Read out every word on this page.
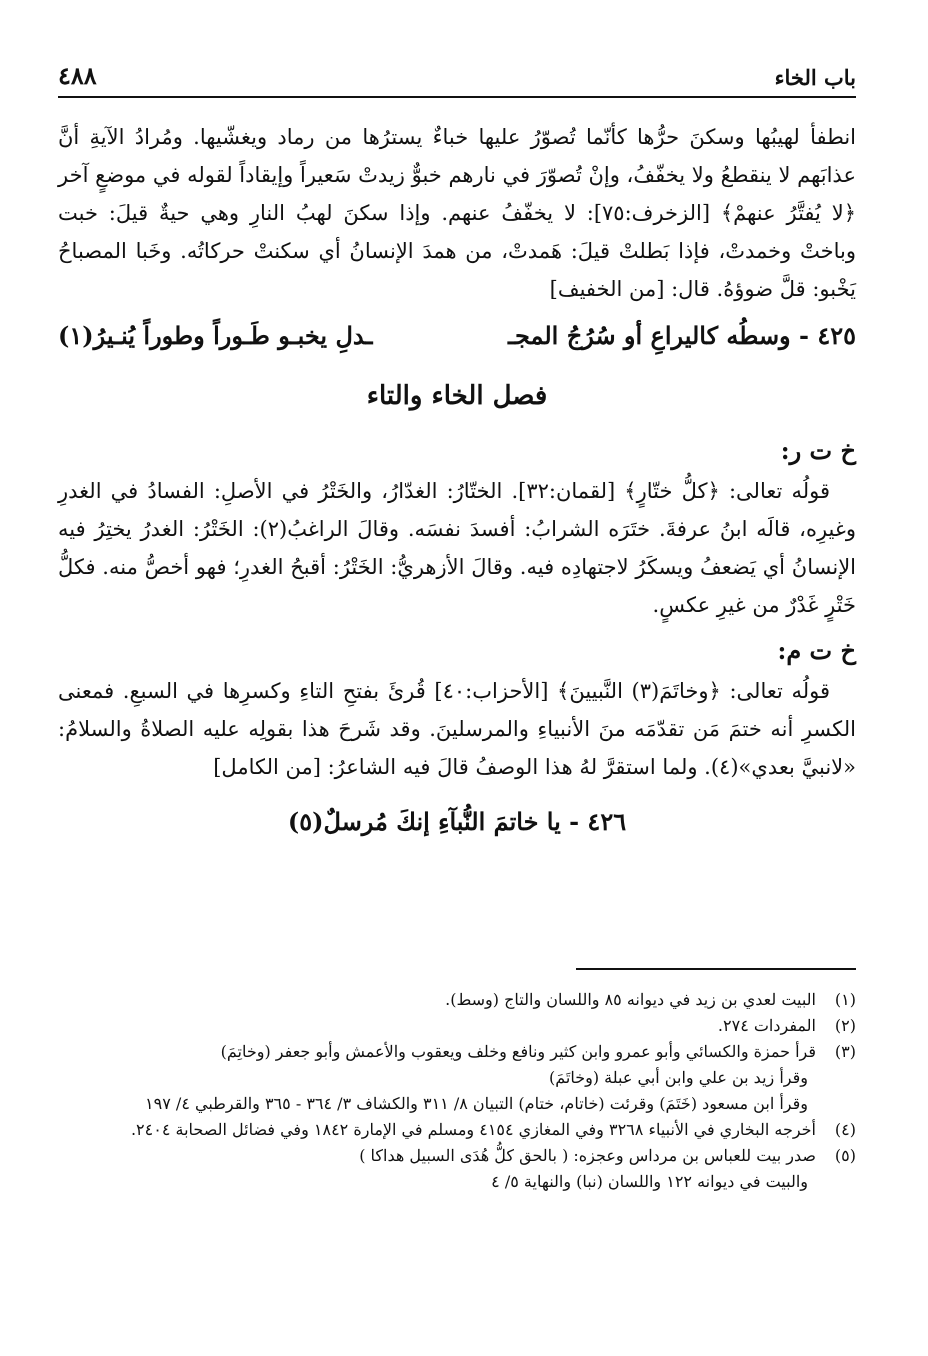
باب الخاء
٤٨٨

انطفأ لهيبُها وسكنَ حرُّها كأنّما تُصوّرُ عليها خباءٌ يسترُها من رماد ويغشّيها. ومُرادُ الآيةِ أنَّ عذابَهم لا ينقطعُ ولا يخفّفُ، وإنْ تُصوّرَ في نارهم خبوٌّ زيدتْ سَعيراً وإيقاداً لقوله في موضعٍ آخر ﴿لا يُفتَّرُ عنهمْ﴾ [الزخرف:٧٥]: لا يخفّفُ عنهم. وإذا سكنَ لهبُ النارِ وهي حيةٌ قيلَ: خبت وباختْ وخمدتْ، فإذا بَطلتْ قيلَ: هَمدتْ، من همدَ الإنسانُ أي سكنتْ حركاتُه. وخَبا المصباحُ يَخْبو: قلَّ ضوؤهُ. قال: [من الخفيف]

٤٢٥ - وسطُه كاليراعِ أو سُرُجُ المجـ
ـدلِ يخبـو طَـوراً وطوراً يُنـيرُ(١)
فصل الخاء والتاء
خ ت ر:

قولُه تعالى: ﴿كلُّ ختّارٍ﴾ [لقمان:٣٢]. الختّارُ: الغدّارُ، والخَتْرُ في الأصلِ: الفسادُ في الغدرِ وغيرِه، قالَه ابنُ عرفةَ. ختَرَه الشرابُ: أفسدَ نفسَه. وقالَ الراغبُ(٢): الخَتْرُ: الغدرُ يختِرُ فيه الإنسانُ أي يَضعفُ ويسكَرُ لاجتهادِه فيه. وقالَ الأزهريُّ: الخَتْرُ: أقبحُ الغدرِ؛ فهو أخصُّ منه. فكلُّ خَتْرٍ غَدْرٌ من غيرِ عكسٍ.

خ ت م:

قولُه تعالى: ﴿وخاتَمَ(٣) النَّبيينَ﴾ [الأحزاب:٤٠] قُرئَ بفتحِ التاءِ وكسرِها في السبعِ. فمعنى الكسرِ أنه ختمَ مَن تقدّمَه منَ الأنبياءِ والمرسلينَ. وقد شَرحَ هذا بقولِه عليه الصلاةُ والسلامُ: «لانبيَّ بعدي»(٤). ولما استقرَّ لهُ هذا الوصفُ قالَ فيه الشاعرُ: [من الكامل]

٤٢٦ - يا خاتمَ النُّبآءِ إنكَ مُرسلٌ(٥)

(١)البيت لعدي بن زيد في ديوانه ٨٥ واللسان والتاج (وسط).

(٢)المفردات ٢٧٤.

(٣)قرأ حمزة والكسائي وأبو عمرو وابن كثير ونافع وخلف ويعقوب والأعمش وأبو جعفر (وخاتِمَ)

وقرأ زيد بن علي وابن أبي عبلة (وخاتَمَ)

وقرأ ابن مسعود (خَتَمَ) وقرئت (خاتام، ختام) التبيان ٨/ ٣١١ والكشاف ٣/ ٣٦٤ - ٣٦٥ والقرطبي ٤/ ١٩٧

(٤)أخرجه البخاري في الأنبياء ٣٢٦٨ وفي المغازي ٤١٥٤ ومسلم في الإمارة ١٨٤٢ وفي فضائل الصحابة ٢٤٠٤.

(٥)صدر بيت للعباس بن مرداس وعجزه: ( بالحق كلُّ هُدَى السبيل هداكا )

والبيت في ديوانه ١٢٢ واللسان (نبا) والنهاية ٥/ ٤
